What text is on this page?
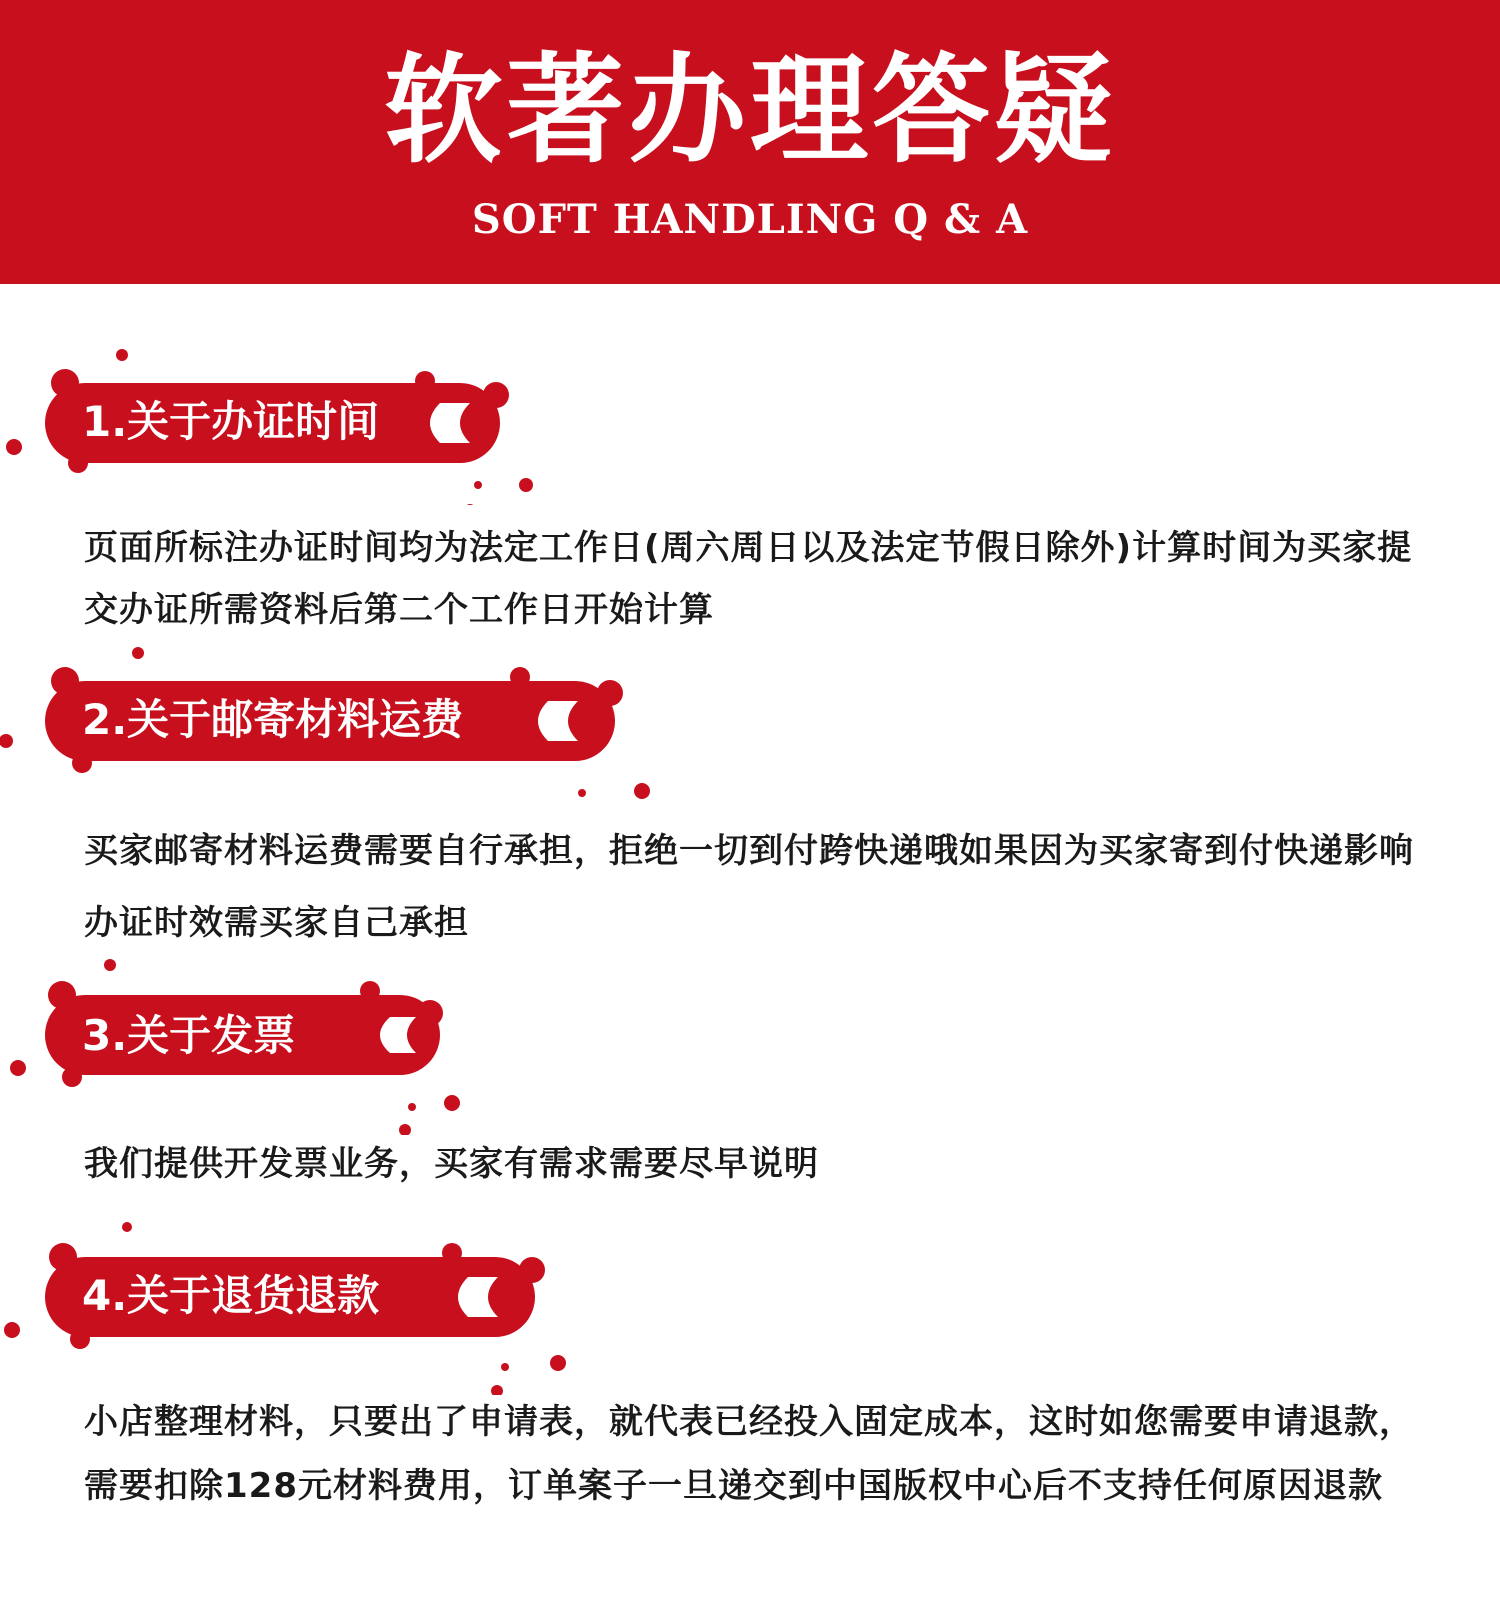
软著办理答疑
SOFT HANDLING Q & A
1.关于办证时间
页面所标注办证时间均为法定工作日(周六周日以及法定节假日除外)计算时间为买家提交办证所需资料后第二个工作日开始计算
2.关于邮寄材料运费
买家邮寄材料运费需要自行承担，拒绝一切到付跨快递哦如果因为买家寄到付快递影响办证时效需买家自己承担
3.关于发票
我们提供开发票业务，买家有需求需要尽早说明
4.关于退货退款
小店整理材料，只要出了申请表，就代表已经投入固定成本，这时如您需要申请退款，需要扣除128元材料费用，订单案子一旦递交到中国版权中心后不支持任何原因退款
